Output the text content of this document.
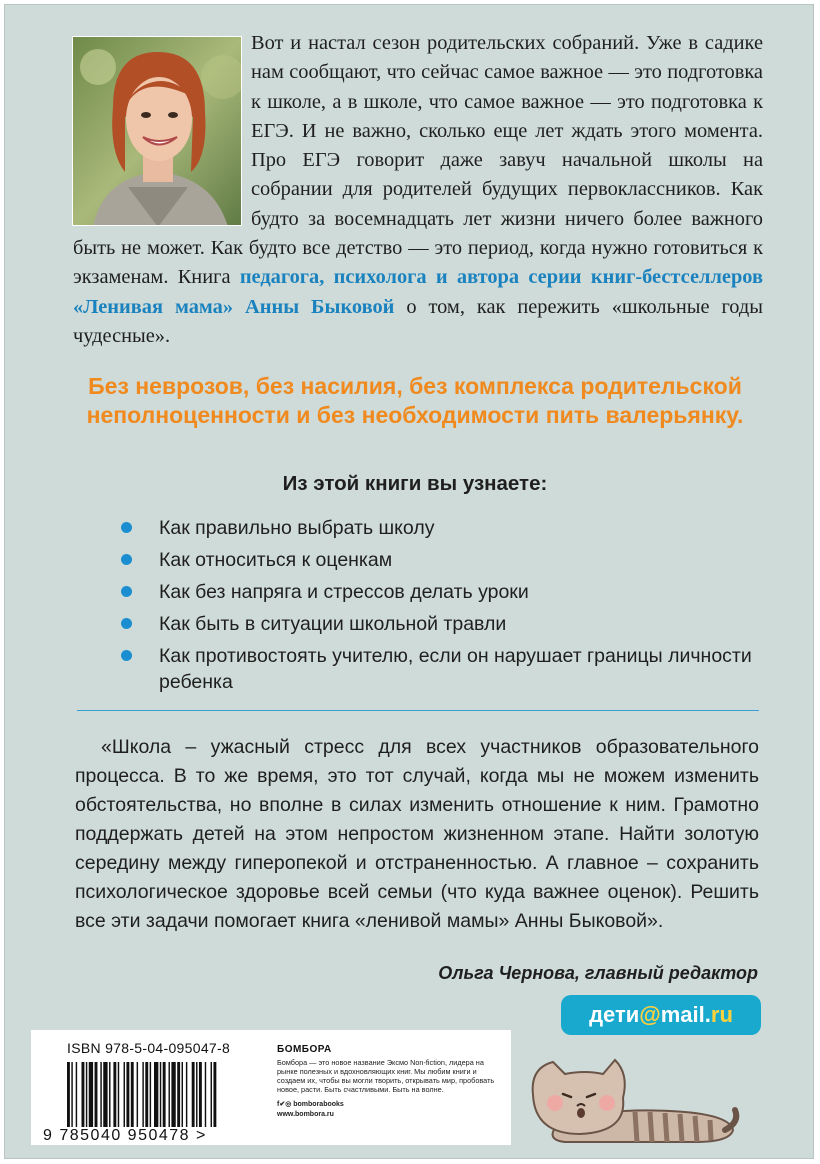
Вот и настал сезон родительских собраний. Уже в садике нам сообщают, что сейчас самое важное — это подготовка к школе, а в школе, что самое важное — это подготовка к ЕГЭ. И не важно, сколько еще лет ждать этого момента. Про ЕГЭ говорит даже завуч начальной школы на собрании для родителей будущих первоклассников. Как будто за восемнадцать лет жизни ничего более важного быть не может. Как будто все детство — это период, когда нужно готовиться к экзаменам. Книга педагога, психолога и автора серии книг-бестселлеров «Ленивая мама» Анны Быковой о том, как пережить «школьные годы чудесные».

Без неврозов, без насилия, без комплекса родительской неполноценности и без необходимости пить валерьянку.

Из этой книги вы узнаете:

Как правильно выбрать школу
Как относиться к оценкам
Как без напряга и стрессов делать уроки
Как быть в ситуации школьной травли
Как противостоять учителю, если он нарушает границы личности ребенка

«Школа – ужасный стресс для всех участников образовательного процесса. В то же время, это тот случай, когда мы не можем изменить обстоятельства, но вполне в силах изменить отношение к ним. Грамотно поддержать детей на этом непростом жизненном этапе. Найти золотую середину между гиперопекой и отстраненностью. А главное – сохранить психологическое здоровье всей семьи (что куда важнее оценок). Решить все эти задачи помогает книга «ленивой мамы» Анны Быковой».

Ольга Чернова, главный редактор
дети@mail.ru
ISBN 978-5-04-095047-8
9 785040 950478 >
БОМБОРА
Бомбора — это новое название Эксмо Non-fiction, лидера на рынке полезных и вдохновляющих книг. Мы любим книги и создаем их, чтобы вы могли творить, открывать мир, пробовать новое, расти. Быть счастливыми. Быть на волне.
f✔◎ bomborabooks
www.bombora.ru
